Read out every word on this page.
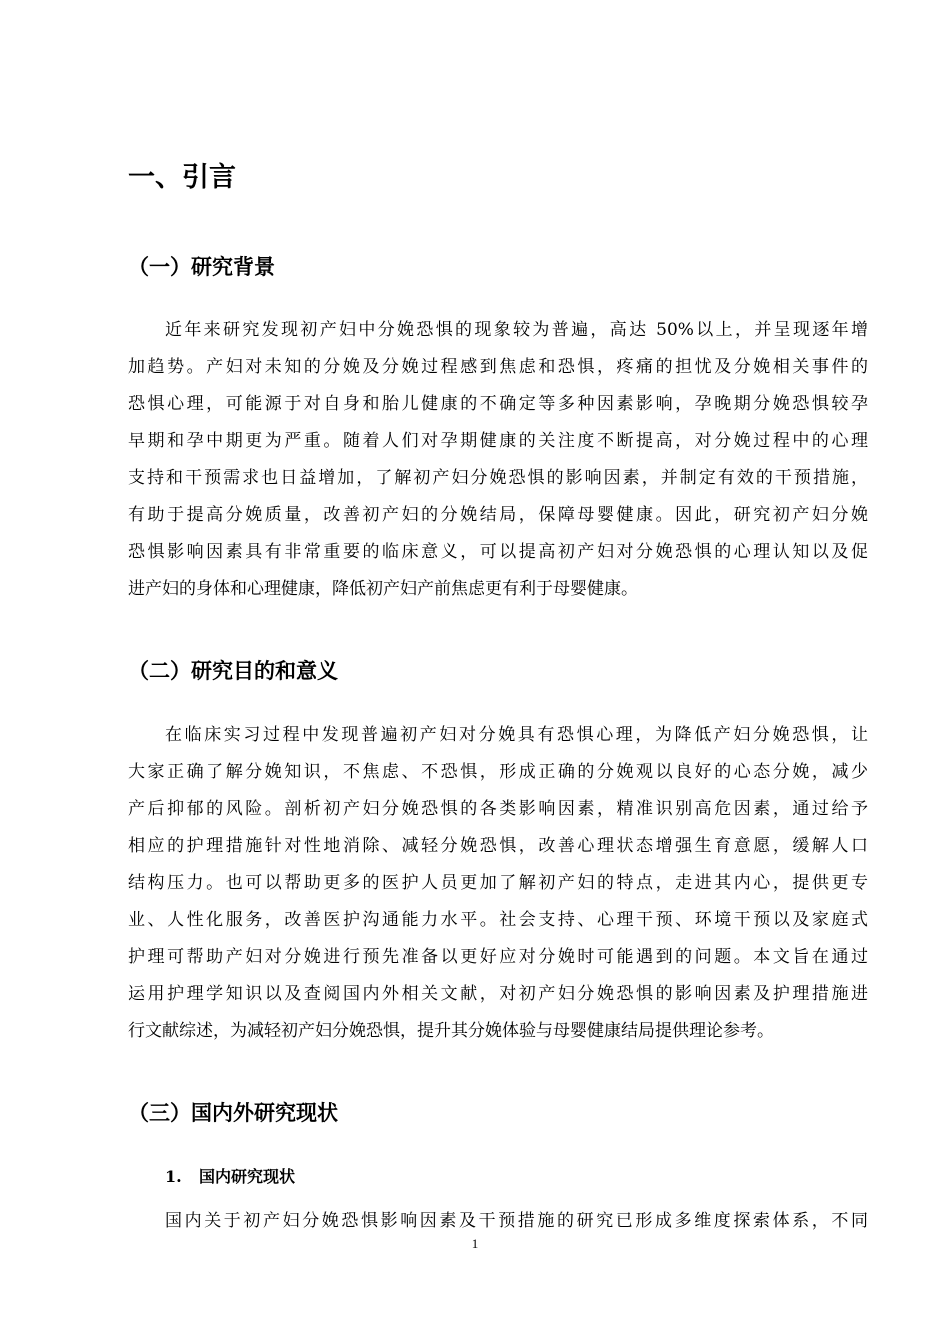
一、引言
（一）研究背景
近年来研究发现初产妇中分娩恐惧的现象较为普遍，高达 50%以上，并呈现逐年增
加趋势。产妇对未知的分娩及分娩过程感到焦虑和恐惧，疼痛的担忧及分娩相关事件的
恐惧心理，可能源于对自身和胎儿健康的不确定等多种因素影响，孕晚期分娩恐惧较孕
早期和孕中期更为严重。随着人们对孕期健康的关注度不断提高，对分娩过程中的心理
支持和干预需求也日益增加，了解初产妇分娩恐惧的影响因素，并制定有效的干预措施，
有助于提高分娩质量，改善初产妇的分娩结局，保障母婴健康。因此，研究初产妇分娩
恐惧影响因素具有非常重要的临床意义，可以提高初产妇对分娩恐惧的心理认知以及促
进产妇的身体和心理健康，降低初产妇产前焦虑更有利于母婴健康。
（二）研究目的和意义
在临床实习过程中发现普遍初产妇对分娩具有恐惧心理，为降低产妇分娩恐惧，让
大家正确了解分娩知识，不焦虑、不恐惧，形成正确的分娩观以良好的心态分娩，减少
产后抑郁的风险。剖析初产妇分娩恐惧的各类影响因素，精准识别高危因素，通过给予
相应的护理措施针对性地消除、减轻分娩恐惧，改善心理状态增强生育意愿，缓解人口
结构压力。也可以帮助更多的医护人员更加了解初产妇的特点，走进其内心，提供更专
业、人性化服务，改善医护沟通能力水平。社会支持、心理干预、环境干预以及家庭式
护理可帮助产妇对分娩进行预先准备以更好应对分娩时可能遇到的问题。本文旨在通过
运用护理学知识以及查阅国内外相关文献，对初产妇分娩恐惧的影响因素及护理措施进
行文献综述，为减轻初产妇分娩恐惧，提升其分娩体验与母婴健康结局提供理论参考。
（三）国内外研究现状
1. 国内研究现状
国内关于初产妇分娩恐惧影响因素及干预措施的研究已形成多维度探索体系，不同
1
